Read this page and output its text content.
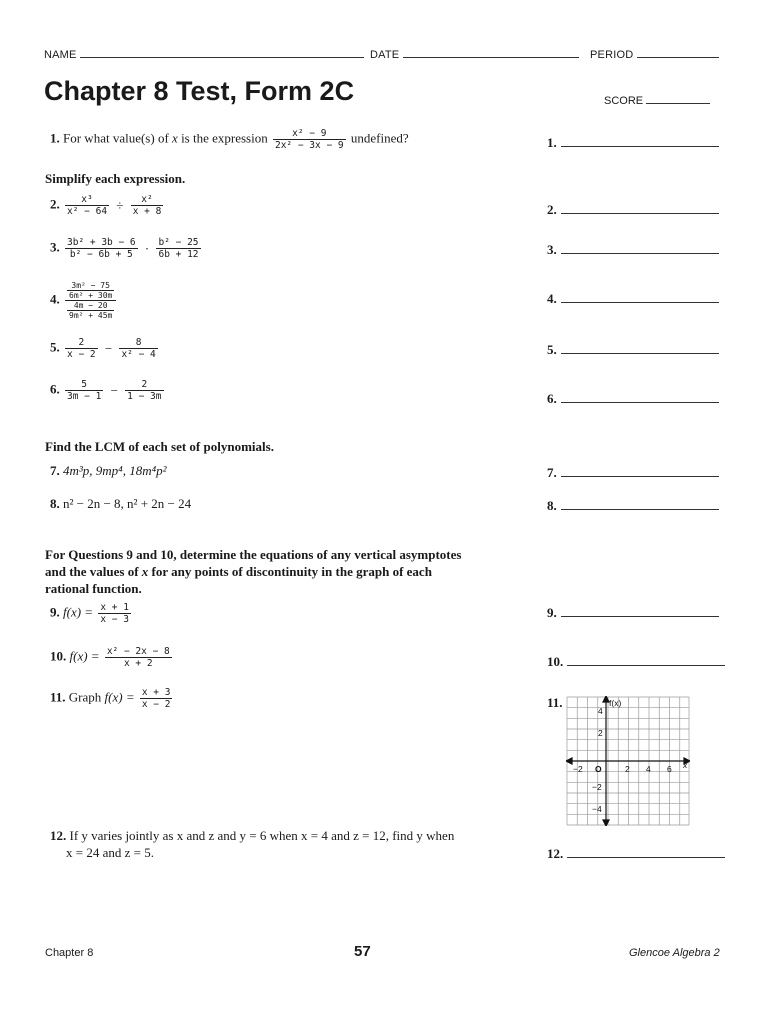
NAME	DATE	PERIOD
Chapter 8 Test, Form 2C	SCORE
1. For what value(s) of x is the expression $\frac{\text{x² − 9}}{\text{2x² − 3x − 9}}$ undefined?
Simplify each expression.
2. $\frac{\text{x³}}{\text{x² − 64}} \div \frac{\text{x²}}{x + 8}$
3. $\frac{\text{3b² + 3b − 6}}{\text{b² − 6b + 5}} \cdot \frac{\text{b² − 25}}{6b + 12}$
4. $\frac{\frac{\text{3m² − 75}}{\text{6m² + 30m}}}{\frac{4m - 20}{\text{9m² + 45m}}}$
5. $\frac{2}{x - 2} - \frac{8}{\text{x² − 4}}$
6. $\frac{5}{3m - 1} - \frac{2}{1 - 3m}$
Find the LCM of each set of polynomials.
7. 4m³p, 9mp⁴, 18m⁴p²
8. n² − 2n − 8, n² + 2n − 24
For Questions 9 and 10, determine the equations of any vertical asymptotes
and the values of x for any points of discontinuity in the graph of each
rational function.
9. $f(x) = \frac{x + 1}{x - 3}$
10. $f(x) = \frac{\text{x² − 2x − 8}}{x + 2}$
11. Graph $f(x) = \frac{x + 3}{x - 2}$
12. If y varies jointly as x and z and y = 6 when x = 4 and z = 12, find y when
x = 24 and z = 5.
1.
2.
3.
4.
5.
6.
7.
8.
9.
10.
11.
12.
f(x)
x
O
−2	2 4 6
4
2
−2
−4
Chapter 8	57	Glencoe Algebra 2
